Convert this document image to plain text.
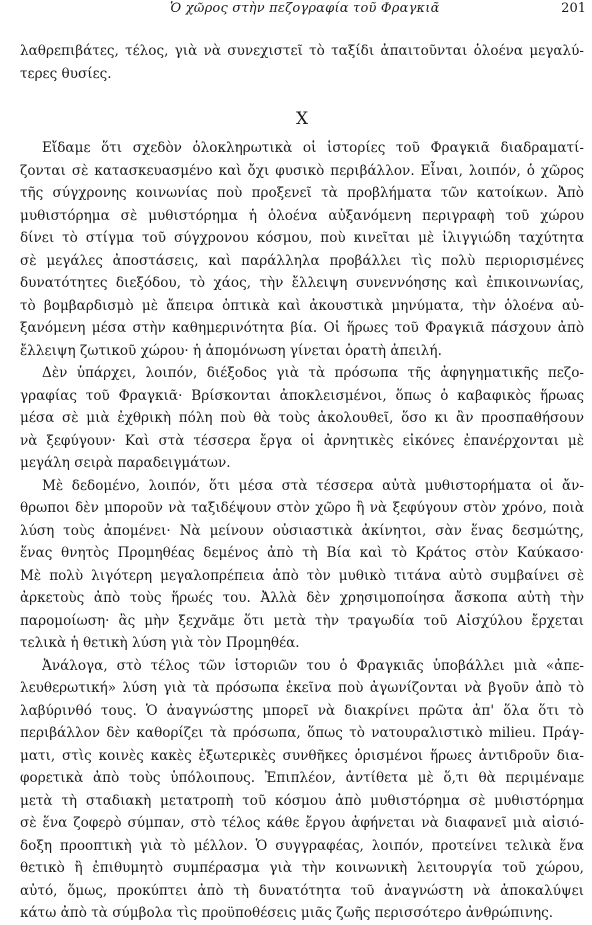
Ὁ χῶρος στὴν πεζογραφία τοῦ Φραγκιᾶ	201
λαθρεπιβάτες, τέλος, γιὰ νὰ συνεχιστεῖ τὸ ταξίδι ἀπαιτοῦνται ὁλοένα μεγαλύ-
τερες θυσίες.
X
Εἴδαμε ὅτι σχεδὸν ὁλοκληρωτικὰ οἱ ἱστορίες τοῦ Φραγκιᾶ διαδραματί-
ζονται σὲ κατασκευασμένο καὶ ὄχι φυσικὸ περιβάλλον. Εἶναι, λοιπόν, ὁ χῶρος
τῆς σύγχρονης κοινωνίας ποὺ προξενεῖ τὰ προβλήματα τῶν κατοίκων. Ἀπὸ
μυθιστόρημα σὲ μυθιστόρημα ἡ ὁλοένα αὐξανόμενη περιγραφὴ τοῦ χώρου
δίνει τὸ στίγμα τοῦ σύγχρονου κόσμου, ποὺ κινεῖται μὲ ἰλιγγιώδη ταχύτητα
σὲ μεγάλες ἀποστάσεις, καὶ παράλληλα προβάλλει τὶς πολὺ περιορισμένες
δυνατότητες διεξόδου, τὸ χάος, τὴν ἔλλειψη συνεννόησης καὶ ἐπικοινωνίας,
τὸ βομβαρδισμὸ μὲ ἄπειρα ὀπτικὰ καὶ ἀκουστικὰ μηνύματα, τὴν ὁλοένα αὐ-
ξανόμενη μέσα στὴν καθημερινότητα βία. Οἱ ἥρωες τοῦ Φραγκιᾶ πάσχουν ἀπὸ
ἔλλειψη ζωτικοῦ χώρου· ἡ ἀπομόνωση γίνεται ὁρατὴ ἀπειλή.
Δὲν ὑπάρχει, λοιπόν, διέξοδος γιὰ τὰ πρόσωπα τῆς ἀφηγηματικῆς πεζο-
γραφίας τοῦ Φραγκιᾶ· Βρίσκονται ἀποκλεισμένοι, ὅπως ὁ καβαφικὸς ἥρωας
μέσα σὲ μιὰ ἐχθρικὴ πόλη ποὺ θὰ τοὺς ἀκολουθεῖ, ὅσο κι ἂν προσπαθήσουν
νὰ ξεφύγουν· Καὶ στὰ τέσσερα ἔργα οἱ ἀρνητικὲς εἰκόνες ἐπανέρχονται μὲ
μεγάλη σειρὰ παραδειγμάτων.
Μὲ δεδομένο, λοιπόν, ὅτι μέσα στὰ τέσσερα αὐτὰ μυθιστορήματα οἱ ἄν-
θρωποι δὲν μποροῦν νὰ ταξιδέψουν στὸν χῶρο ἢ νὰ ξεφύγουν στὸν χρόνο, ποιὰ
λύση τοὺς ἀπομένει· Νὰ μείνουν οὐσιαστικὰ ἀκίνητοι, σὰν ἕνας δεσμώτης,
ἕνας θνητὸς Προμηθέας δεμένος ἀπὸ τὴ Βία καὶ τὸ Κράτος στὸν Καύκασο·
Μὲ πολὺ λιγότερη μεγαλοπρέπεια ἀπὸ τὸν μυθικὸ τιτάνα αὐτὸ συμβαίνει σὲ
ἀρκετοὺς ἀπὸ τοὺς ἥρωές του. Ἀλλὰ δὲν χρησιμοποίησα ἄσκοπα αὐτὴ τὴν
παρομοίωση· ἂς μὴν ξεχνᾶμε ὅτι μετὰ τὴν τραγωδία τοῦ Αἰσχύλου ἔρχεται
τελικὰ ἡ θετικὴ λύση γιὰ τὸν Προμηθέα.
Ἀνάλογα, στὸ τέλος τῶν ἱστοριῶν του ὁ Φραγκιᾶς ὑποβάλλει μιὰ «ἀπε-
λευθερωτική» λύση γιὰ τὰ πρόσωπα ἐκεῖνα ποὺ ἀγωνίζονται νὰ βγοῦν ἀπὸ τὸ
λαβύρινθό τους. Ὁ ἀναγνώστης μπορεῖ νὰ διακρίνει πρῶτα ἀπ' ὅλα ὅτι τὸ
περιβάλλον δὲν καθορίζει τὰ πρόσωπα, ὅπως τὸ νατουραλιστικὸ milieu. Πράγ-
ματι, στὶς κοινὲς κακὲς ἐξωτερικὲς συνθῆκες ὁρισμένοι ἥρωες ἀντιδροῦν δια-
φορετικὰ ἀπὸ τοὺς ὑπόλοιπους. Ἐπιπλέον, ἀντίθετα μὲ ὅ,τι θὰ περιμέναμε
μετὰ τὴ σταδιακὴ μετατροπὴ τοῦ κόσμου ἀπὸ μυθιστόρημα σὲ μυθιστόρημα
σὲ ἕνα ζοφερὸ σύμπαν, στὸ τέλος κάθε ἔργου ἀφήνεται νὰ διαφανεῖ μιὰ αἰσιό-
δοξη προοπτικὴ γιὰ τὸ μέλλον. Ὁ συγγραφέας, λοιπόν, προτείνει τελικὰ ἕνα
θετικὸ ἢ ἐπιθυμητὸ συμπέρασμα γιὰ τὴν κοινωνικὴ λειτουργία τοῦ χώρου,
αὐτό, ὅμως, προκύπτει ἀπὸ τὴ δυνατότητα τοῦ ἀναγνώστη νὰ ἀποκαλύψει
κάτω ἀπὸ τὰ σύμβολα τὶς προϋποθέσεις μιᾶς ζωῆς περισσότερο ἀνθρώπινης.
